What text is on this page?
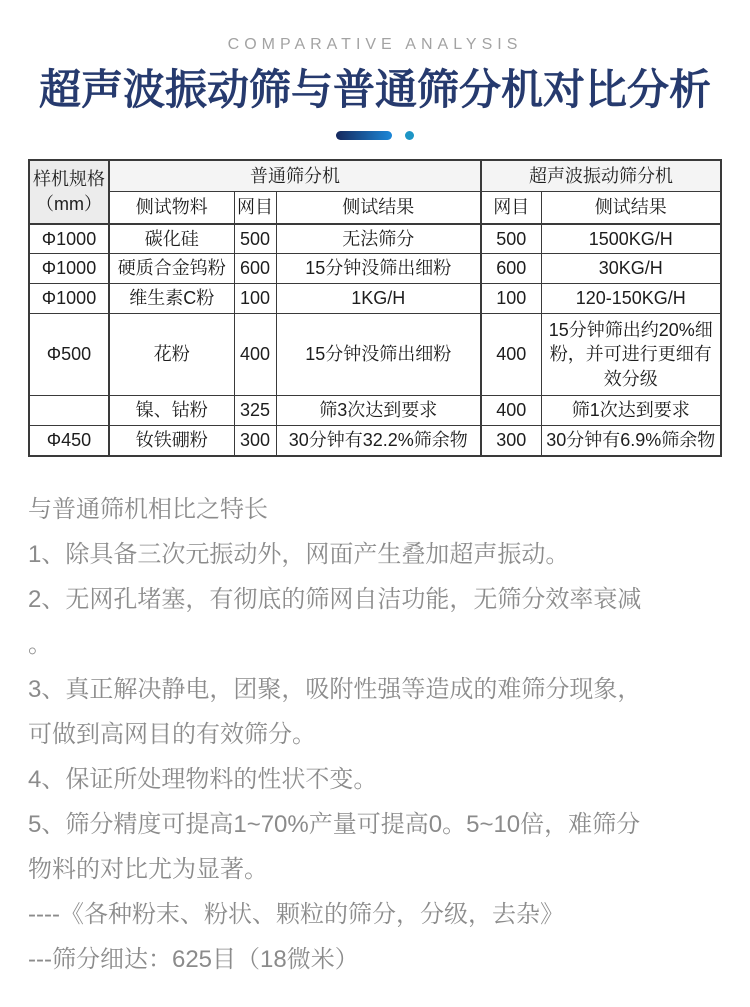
COMPARATIVE ANALYSIS
超声波振动筛与普通筛分机对比分析
样机规格
（mm）	普通筛分机			超声波振动筛分机	
	侧试物料	网目	侧试结果	网目	侧试结果
Φ1000	碳化硅	500	无法筛分	500	1500KG/H
Φ1000	硬质合金钨粉	600	15分钟没筛出细粉	600	30KG/H
Φ1000	维生素C粉	100	1KG/H	100	120-150KG/H
Φ500	花粉	400	15分钟没筛出细粉	400	15分钟筛出约20%细粉，并可进行更细有效分级
	镍、钴粉	325	筛3次达到要求	400	筛1次达到要求
Φ450	钕铁硼粉	300	30分钟有32.2%筛余物	300	30分钟有6.9%筛余物
与普通筛机相比之特长
1、除具备三次元振动外，网面产生叠加超声振动。
2、无网孔堵塞，有彻底的筛网自洁功能，无筛分效率衰减
。
3、真正解决静电，团聚，吸附性强等造成的难筛分现象，
可做到高网目的有效筛分。
4、保证所处理物料的性状不变。
5、筛分精度可提高1~70%产量可提高0。5~10倍，难筛分
物料的对比尤为显著。
----《各种粉末、粉状、颗粒的筛分，分级，去杂》
---筛分细达：625目（18微米）
